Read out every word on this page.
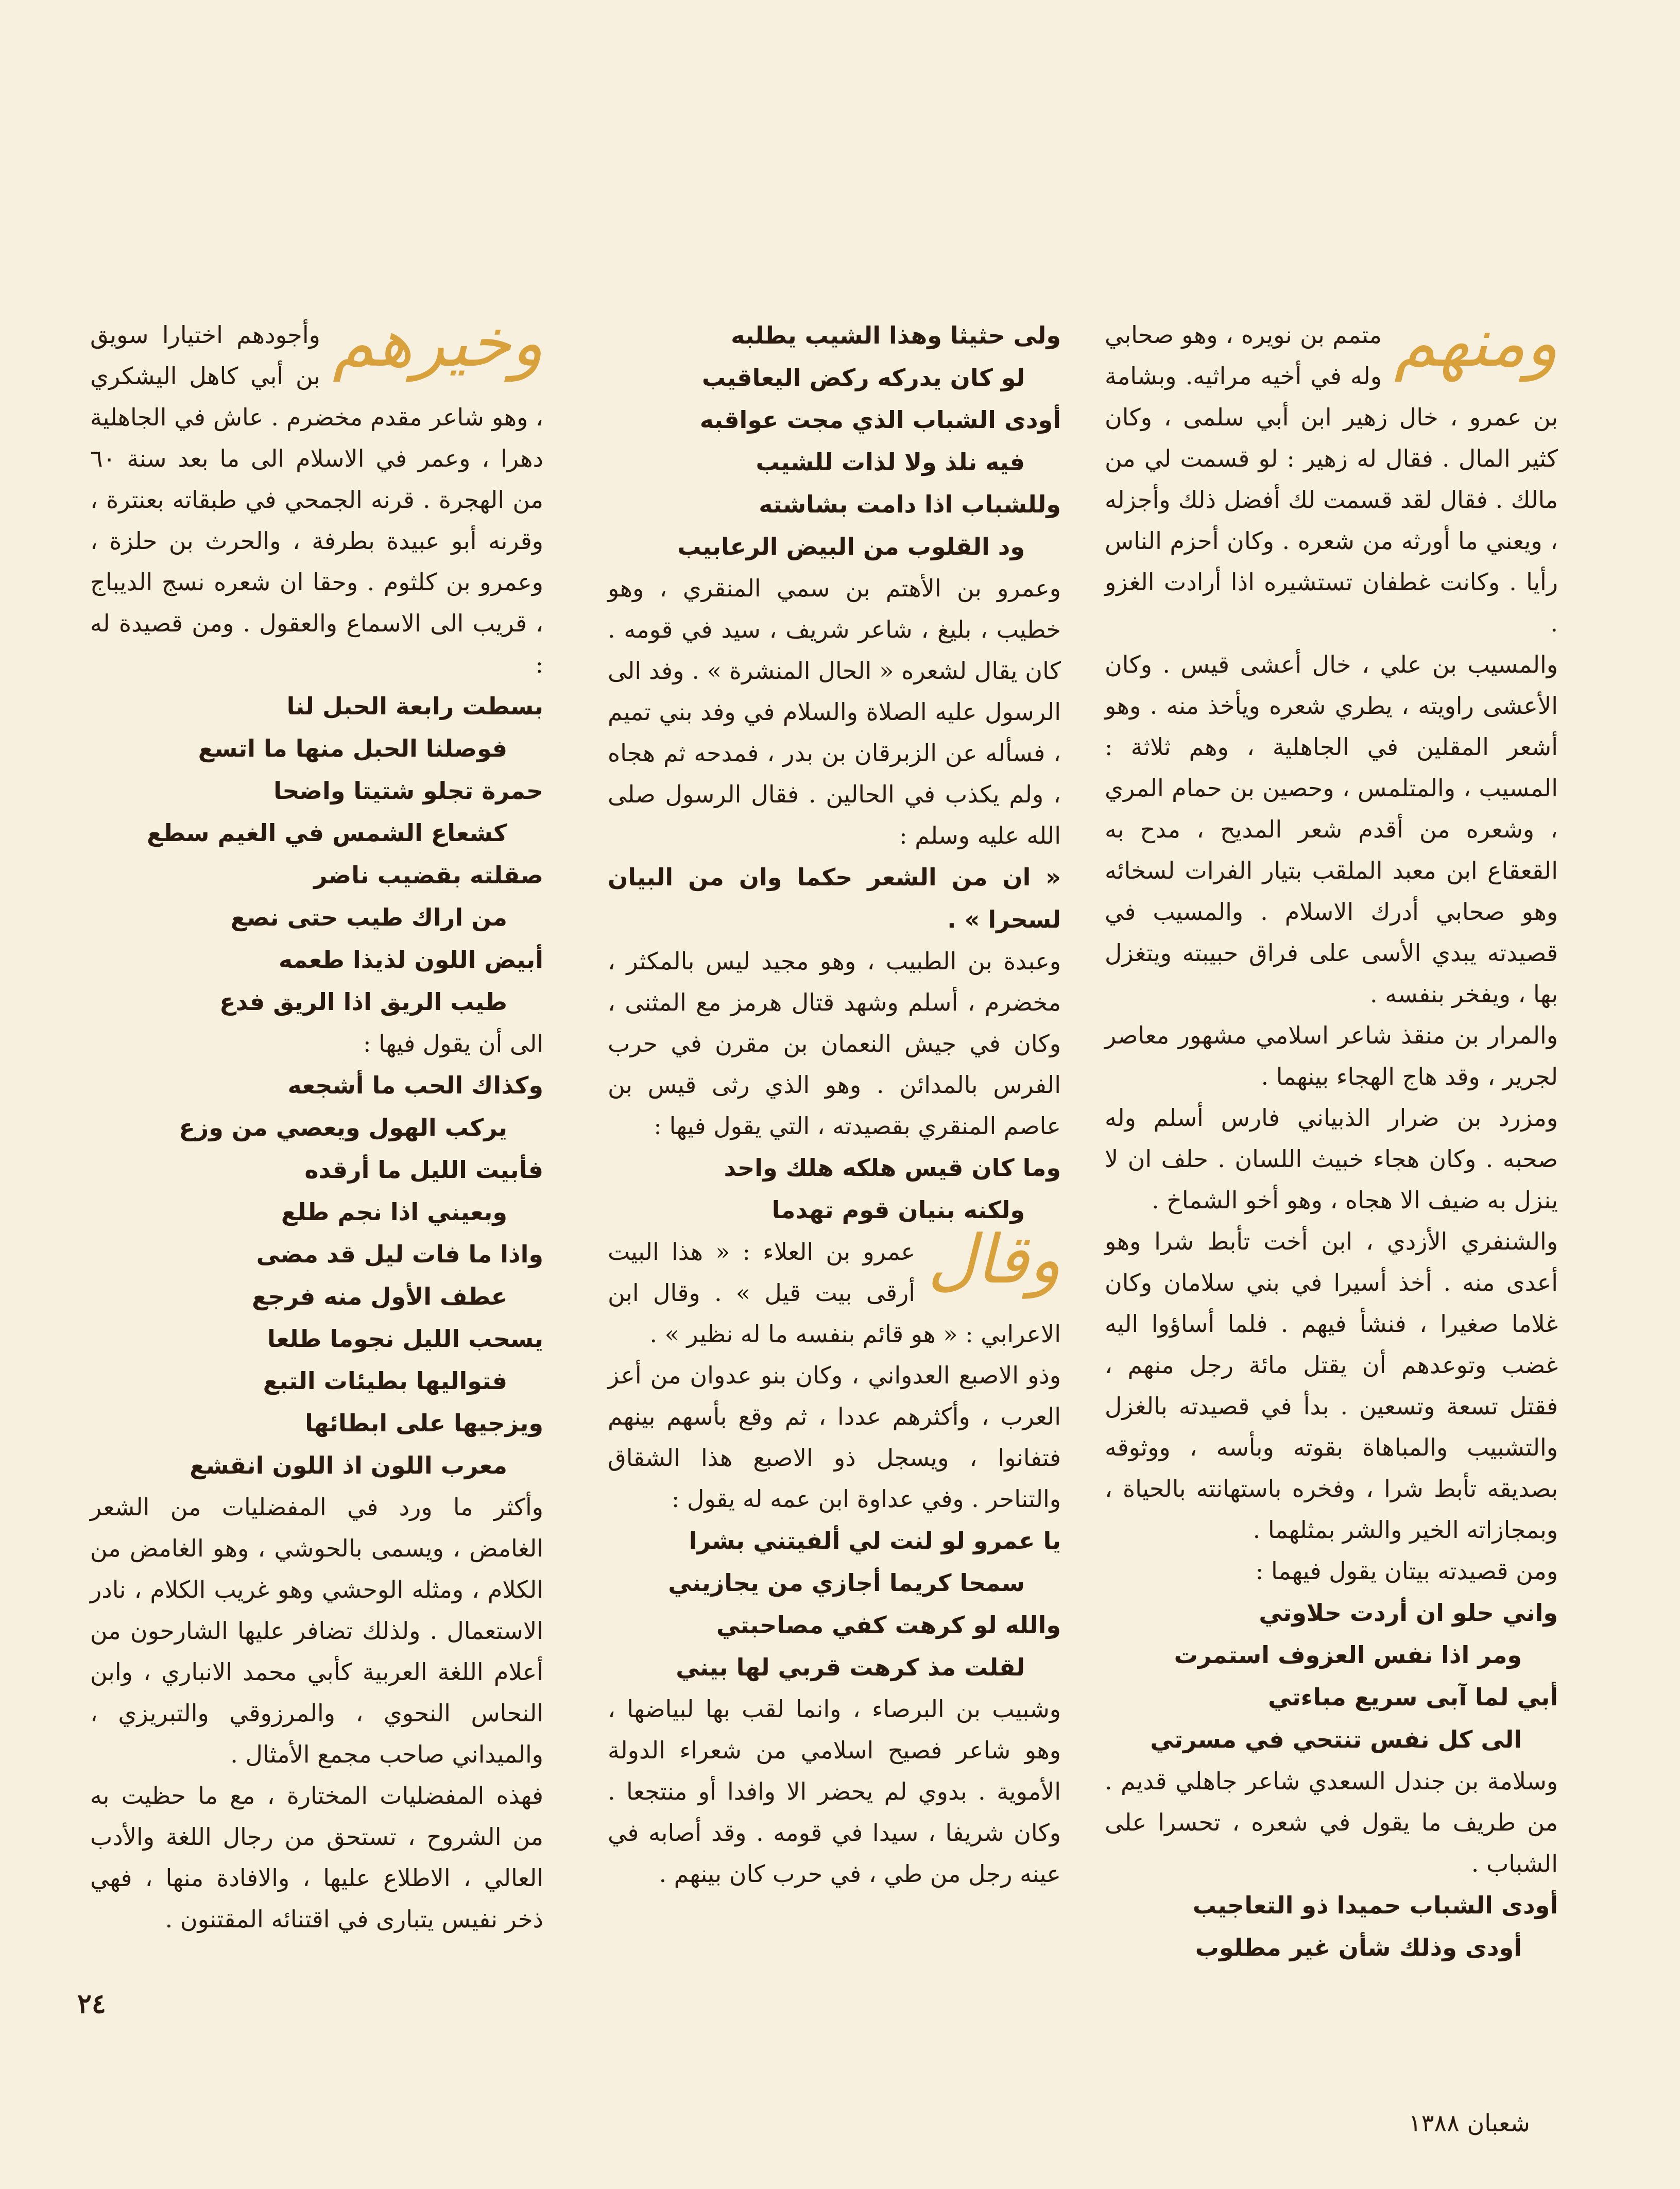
ومنهم
متمم بن نويره ، وهو صحابي وله في أخيه مراثيه. وبشامة بن عمرو ، خال زهير ابن أبي سلمى ، وكان كثير المال . فقال له زهير : لو قسمت لي من مالك . فقال لقد قسمت لك أفضل ذلك وأجزله ، ويعني ما أورثه من شعره . وكان أحزم الناس رأيا . وكانت غطفان تستشيره اذا أرادت الغزو .

والمسيب بن علي ، خال أعشى قيس . وكان الأعشى راويته ، يطري شعره ويأخذ منه . وهو أشعر المقلين في الجاهلية ، وهم ثلاثة : المسيب ، والمتلمس ، وحصين بن حمام المري ، وشعره من أقدم شعر المديح ، مدح به القعقاع ابن معبد الملقب بتيار الفرات لسخائه وهو صحابي أدرك الاسلام . والمسيب في قصيدته يبدي الأسى على فراق حبيبته ويتغزل بها ، ويفخر بنفسه .

والمرار بن منقذ شاعر اسلامي مشهور معاصر لجرير ، وقد هاج الهجاء بينهما .

ومزرد بن ضرار الذبياني فارس أسلم وله صحبه . وكان هجاء خبيث اللسان . حلف ان لا ينزل به ضيف الا هجاه ، وهو أخو الشماخ .

والشنفري الأزدي ، ابن أخت تأبط شرا وهو أعدى منه . أخذ أسيرا في بني سلامان وكان غلاما صغيرا ، فنشأ فيهم . فلما أساؤوا اليه غضب وتوعدهم أن يقتل مائة رجل منهم ، فقتل تسعة وتسعين . بدأ في قصيدته بالغزل والتشبيب والمباهاة بقوته وبأسه ، ووثوقه بصديقه تأبط شرا ، وفخره باستهانته بالحياة ، وبمجازاته الخير والشر بمثلهما .

ومن قصيدته بيتان يقول فيهما :

واني حلو ان أردت حلاوتي

ومر اذا نفس العزوف استمرت

أبي لما آبى سريع مباءتي

الى كل نفس تنتحي في مسرتي

وسلامة بن جندل السعدي شاعر جاهلي قديم . من طريف ما يقول في شعره ، تحسرا على الشباب .

أودى الشباب حميدا ذو التعاجيب

أودى وذلك شأن غير مطلوب

ولى حثيثا وهذا الشيب يطلبه

لو كان يدركه ركض اليعاقيب

أودى الشباب الذي مجت عواقبه

فيه نلذ ولا لذات للشيب

وللشباب اذا دامت بشاشته

ود القلوب من البيض الرعابيب

وعمرو بن الأهتم بن سمي المنقري ، وهو خطيب ، بليغ ، شاعر شريف ، سيد في قومه . كان يقال لشعره « الحال المنشرة » . وفد الى الرسول عليه الصلاة والسلام في وفد بني تميم ، فسأله عن الزبرقان بن بدر ، فمدحه ثم هجاه ، ولم يكذب في الحالين . فقال الرسول صلى الله عليه وسلم :

« ان من الشعر حكما وان من البيان لسحرا » .

وعبدة بن الطبيب ، وهو مجيد ليس بالمكثر ، مخضرم ، أسلم وشهد قتال هرمز مع المثنى ، وكان في جيش النعمان بن مقرن في حرب الفرس بالمدائن . وهو الذي رثى قيس بن عاصم المنقري بقصيدته ، التي يقول فيها :

وما كان قيس هلكه هلك واحد

ولكنه بنيان قوم تهدما

وقال
عمرو بن العلاء : « هذا البيت أرقى بيت قيل » . وقال ابن الاعرابي : « هو قائم بنفسه ما له نظير » .

وذو الاصبع العدواني ، وكان بنو عدوان من أعز العرب ، وأكثرهم عددا ، ثم وقع بأسهم بينهم فتفانوا ، ويسجل ذو الاصبع هذا الشقاق والتناحر . وفي عداوة ابن عمه له يقول :

يا عمرو لو لنت لي ألفيتني بشرا

سمحا كريما أجازي من يجازيني

والله لو كرهت كفي مصاحبتي

لقلت مذ كرهت قربي لها بيني

وشبيب بن البرصاء ، وانما لقب بها لبياضها ، وهو شاعر فصيح اسلامي من شعراء الدولة الأموية . بدوي لم يحضر الا وافدا أو منتجعا . وكان شريفا ، سيدا في قومه . وقد أصابه في عينه رجل من طي ، في حرب كان بينهم .

وخيرهم
وأجودهم اختيارا سويق بن أبي كاهل اليشكري ، وهو شاعر مقدم مخضرم . عاش في الجاهلية دهرا ، وعمر في الاسلام الى ما بعد سنة ٦٠ من الهجرة . قرنه الجمحي في طبقاته بعنترة ، وقرنه أبو عبيدة بطرفة ، والحرث بن حلزة ، وعمرو بن كلثوم . وحقا ان شعره نسج الديباج ، قريب الى الاسماع والعقول . ومن قصيدة له :

بسطت رابعة الحبل لنا

فوصلنا الحبل منها ما اتسع

حمرة تجلو شتيتا واضحا

كشعاع الشمس في الغيم سطع

صقلته بقضيب ناضر

من اراك طيب حتى نصع

أبيض اللون لذيذا طعمه

طيب الريق اذا الريق فدع

الى أن يقول فيها :

وكذاك الحب ما أشجعه

يركب الهول ويعصي من وزع

فأبيت الليل ما أرقده

وبعيني اذا نجم طلع

واذا ما فات ليل قد مضى

عطف الأول منه فرجع

يسحب الليل نجوما طلعا

فتواليها بطيئات التبع

ويزجيها على ابطائها

معرب اللون اذ اللون انقشع

وأكثر ما ورد في المفضليات من الشعر الغامض ، ويسمى بالحوشي ، وهو الغامض من الكلام ، ومثله الوحشي وهو غريب الكلام ، نادر الاستعمال . ولذلك تضافر عليها الشارحون من أعلام اللغة العربية كأبي محمد الانباري ، وابن النحاس النحوي ، والمرزوقي والتبريزي ، والميداني صاحب مجمع الأمثال .

فهذه المفضليات المختارة ، مع ما حظيت به من الشروح ، تستحق من رجال اللغة والأدب العالي ، الاطلاع عليها ، والافادة منها ، فهي ذخر نفيس يتبارى في اقتنائه المقتنون .

٢٤
شعبان ١٣٨٨
